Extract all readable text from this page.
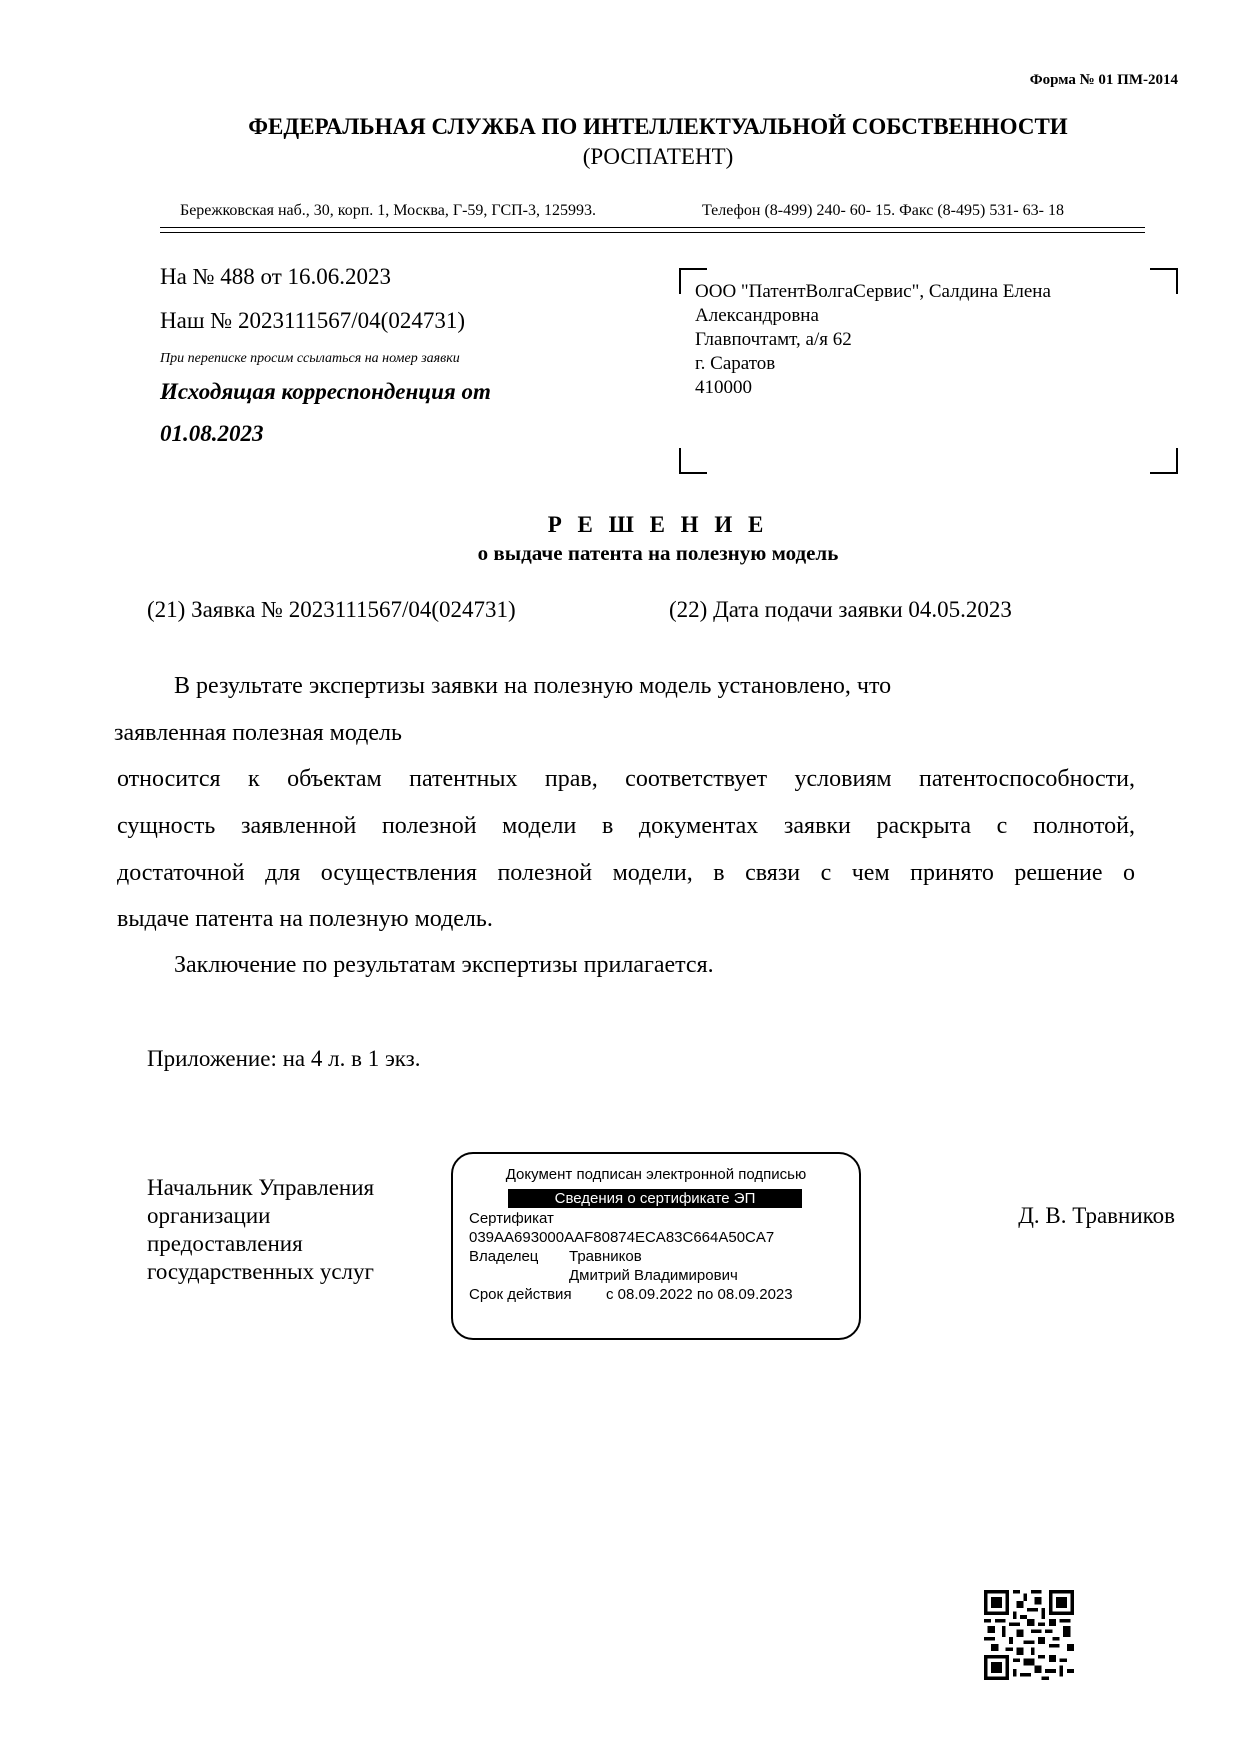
Форма № 01 ПМ-2014
ФЕДЕРАЛЬНАЯ СЛУЖБА ПО ИНТЕЛЛЕКТУАЛЬНОЙ СОБСТВЕННОСТИ
(РОСПАТЕНТ)
Бережковская наб., 30, корп. 1, Москва, Г-59, ГСП-3, 125993.	Телефон (8-499) 240- 60- 15. Факс (8-495) 531- 63- 18
На № 488 от 16.06.2023
Наш № 2023111567/04(024731)
При переписке просим ссылаться на номер заявки
Исходящая корреспонденция от
01.08.2023
ООО "ПатентВолгаСервис", Салдина Елена
Александровна
Главпочтамт, а/я 62
г. Саратов
410000
Р Е Ш Е Н И Е
о выдаче патента на полезную модель
(21) Заявка № 2023111567/04(024731)	(22) Дата подачи заявки 04.05.2023
В результате экспертизы заявки на полезную модель установлено, что
заявленная полезная модель
относится к объектам патентных прав, соответствует условиям патентоспособности,
сущность заявленной полезной модели в документах заявки раскрыта с полнотой,
достаточной для осуществления полезной модели, в связи с чем принято решение о
выдаче патента на полезную модель.
Заключение по результатам экспертизы прилагается.
Приложение: на 4 л. в 1 экз.
Начальник Управления
организации
предоставления
государственных услуг
Документ подписан электронной подписью
Сведения о сертификате ЭП
Сертификат
039AA693000AAF80874ECA83C664A50CA7
Владелец Травников
Дмитрий Владимирович
Срок действия с 08.09.2022 по 08.09.2023
Д. В. Травников
